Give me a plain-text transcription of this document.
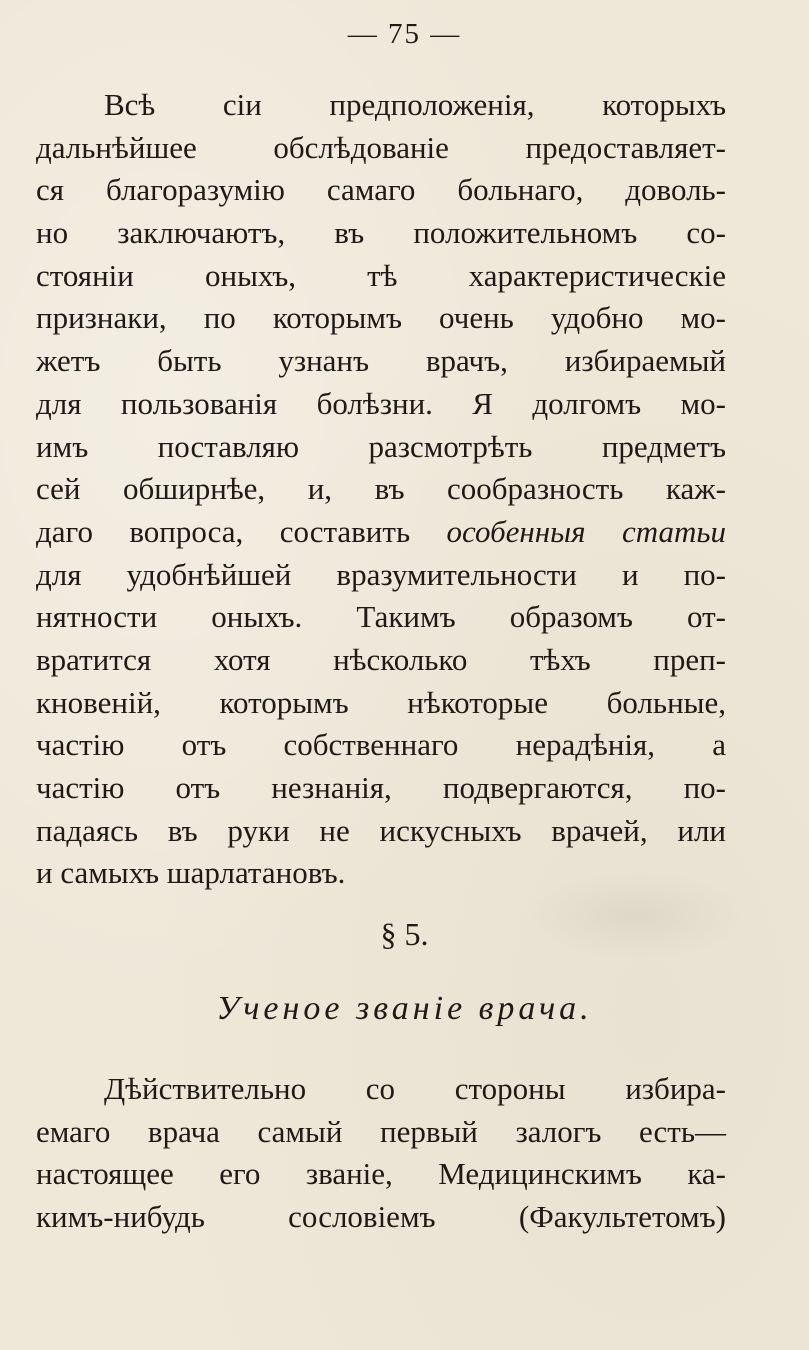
— 75 —
Всѣ сіи предположенія, которыхъ
дальнѣйшее обслѣдованіе предоставляет-
ся благоразумію самаго больнаго, доволь-
но заключаютъ, въ положительномъ со-
стояніи оныхъ, тѣ характеристическіе
признаки, по которымъ очень удобно мо-
жетъ быть узнанъ врачъ, избираемый
для пользованія болѣзни. Я долгомъ мо-
имъ поставляю разсмотрѣть предметъ
сей обширнѣе, и, въ сообразность каж-
даго вопроса, составить особенныя статьи
для удобнѣйшей вразумительности и по-
нятности оныхъ. Такимъ образомъ от-
вратится хотя нѣсколько тѣхъ преп-
кновеній, которымъ нѣкоторые больные,
частію отъ собственнаго нерадѣнія, а
частію отъ незнанія, подвергаются, по-
падаясь въ руки не искусныхъ врачей, или
и самыхъ шарлатановъ.
§ 5.
Ученое званіе врача.
Дѣйствительно со стороны избира-
емаго врача самый первый залогъ есть—
настоящее его званіе, Медицинскимъ ка-
кимъ-нибудь сословіемъ (Факультетомъ)
